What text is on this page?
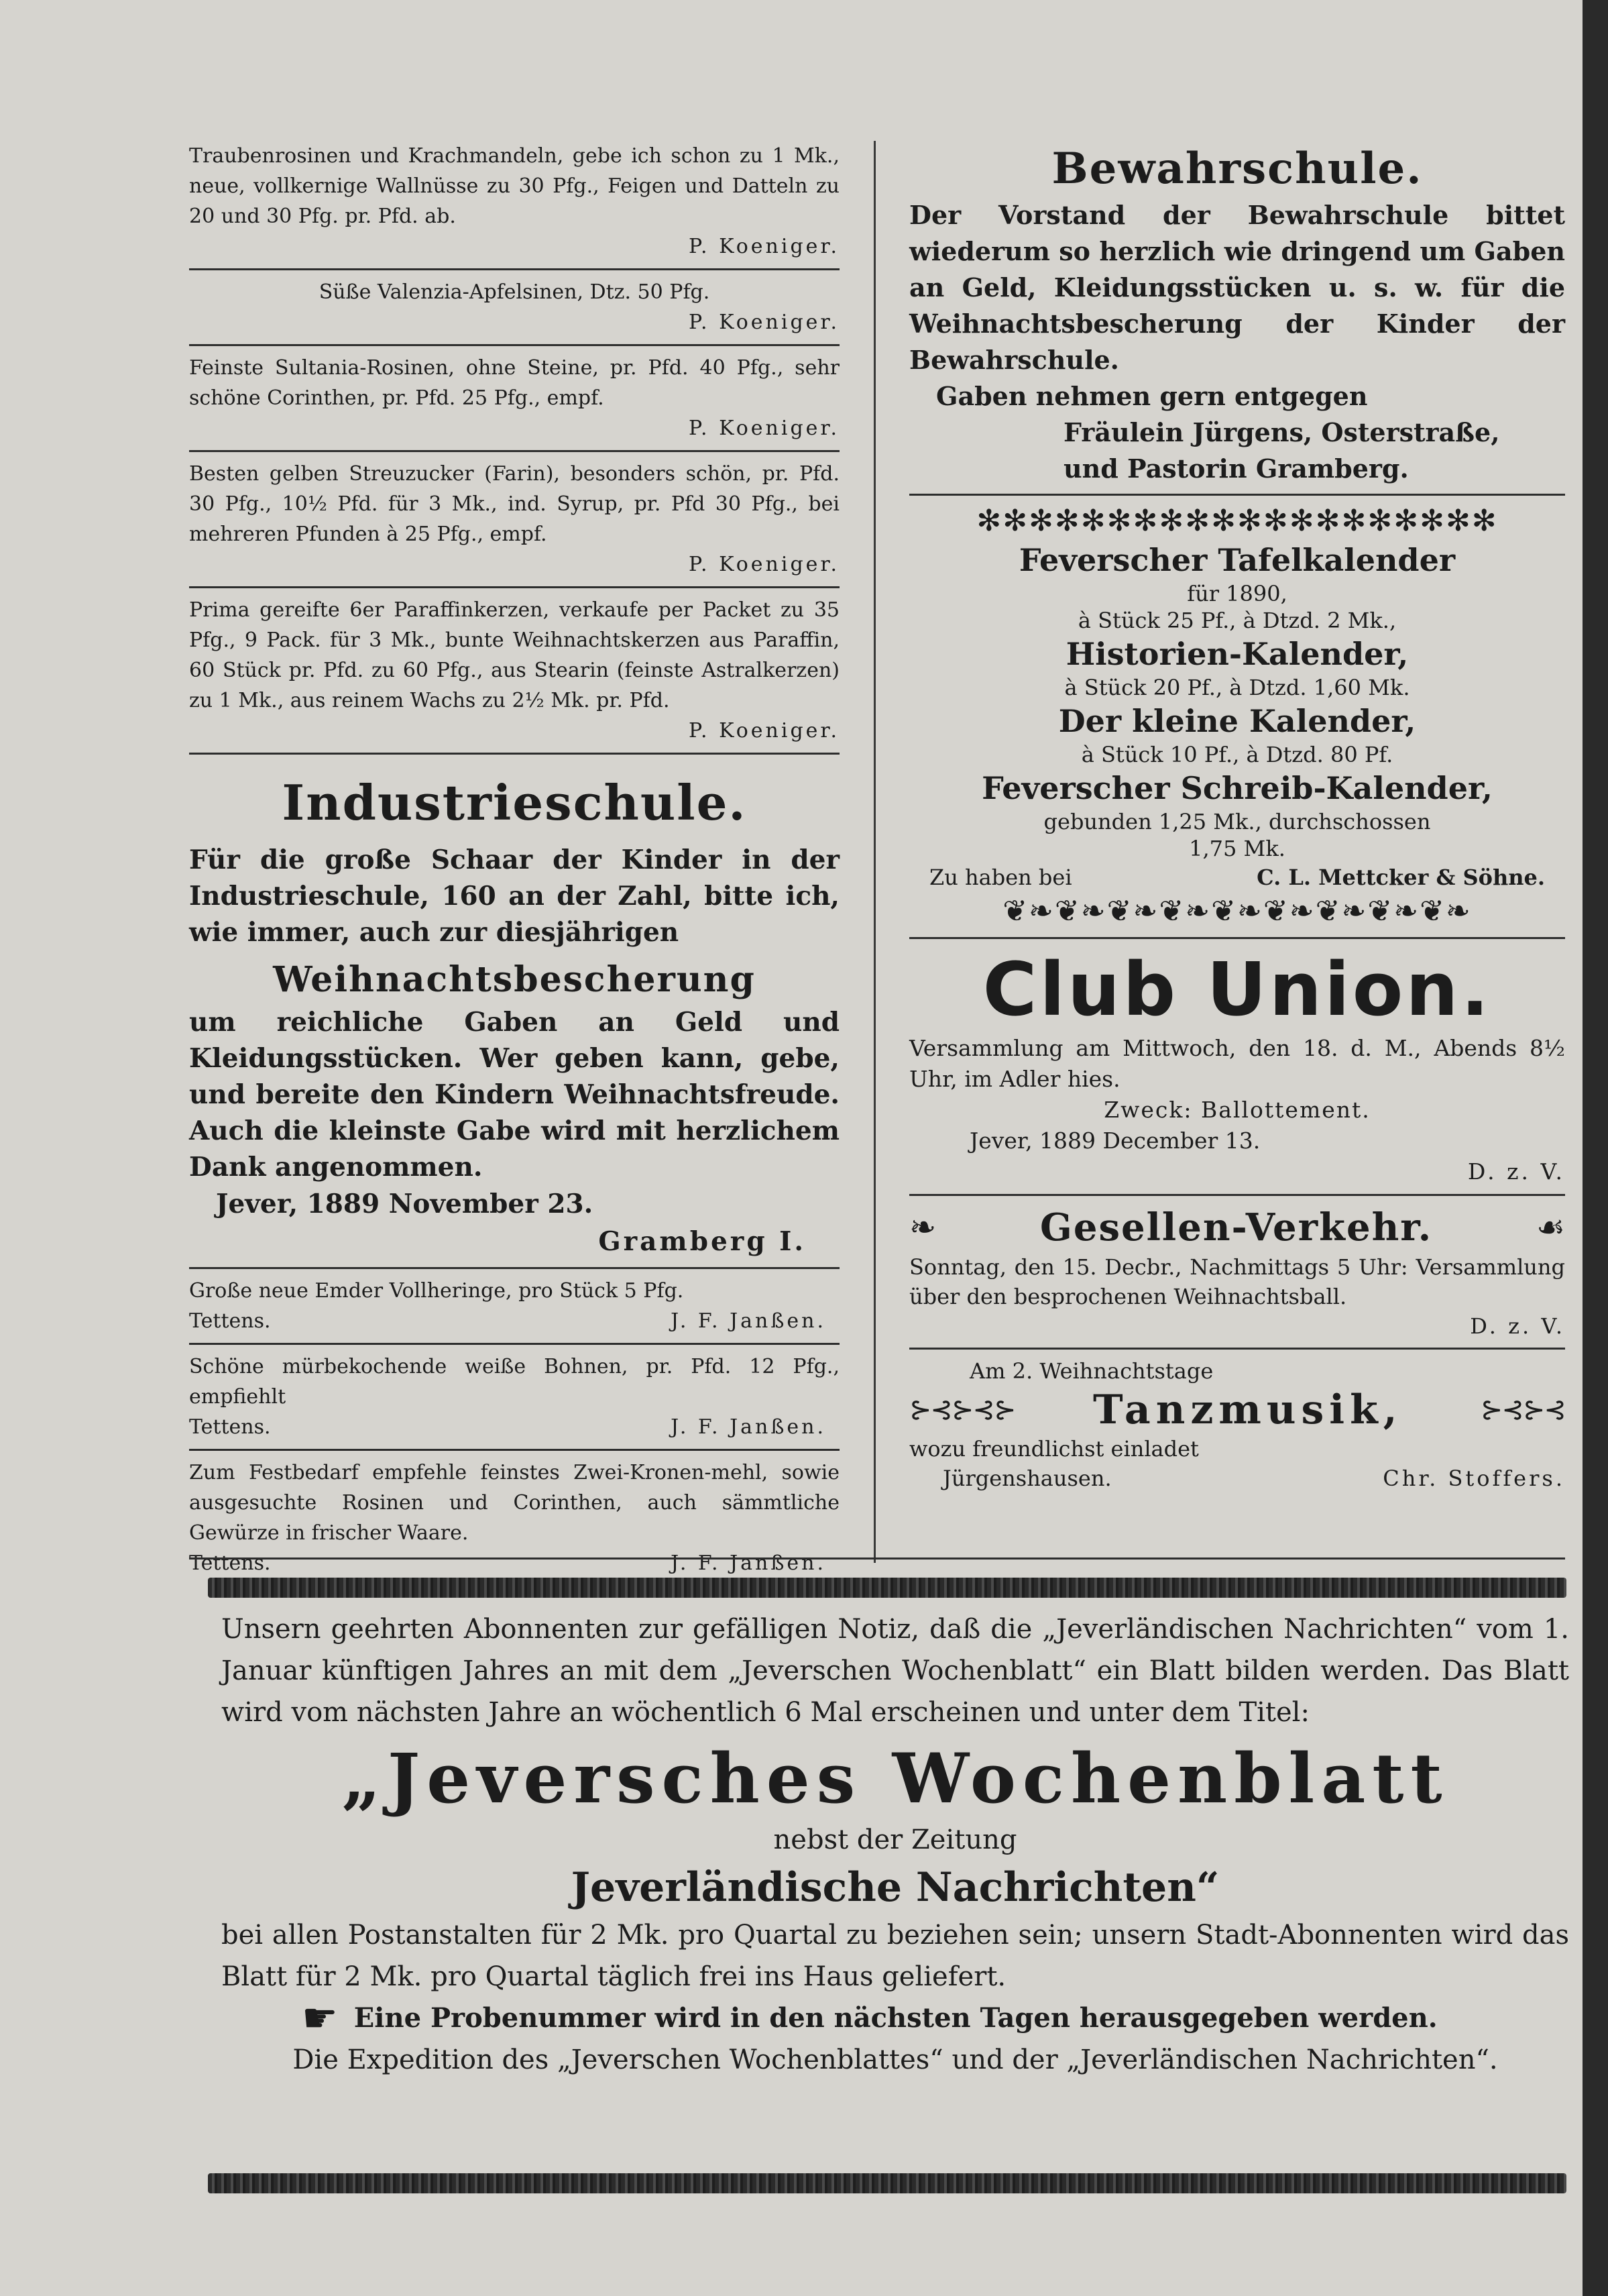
Traubenrosinen und Krachmandeln, gebe ich schon zu 1 Mk., neue, vollkernige Wallnüsse zu 30 Pfg., Feigen und Datteln zu 20 und 30 Pfg. pr. Pfd. ab.

P. Koeniger.

Süße Valenzia-Apfelsinen, Dtz. 50 Pfg.

P. Koeniger.

Feinste Sultania-Rosinen, ohne Steine, pr. Pfd. 40 Pfg., sehr schöne Corinthen, pr. Pfd. 25 Pfg., empf.

P. Koeniger.

Besten gelben Streuzucker (Farin), besonders schön, pr. Pfd. 30 Pfg., 10½ Pfd. für 3 Mk., ind. Syrup, pr. Pfd 30 Pfg., bei mehreren Pfunden à 25 Pfg., empf.

P. Koeniger.

Prima gereifte 6er Paraffinkerzen, verkaufe per Packet zu 35 Pfg., 9 Pack. für 3 Mk., bunte Weihnachtskerzen aus Paraffin, 60 Stück pr. Pfd. zu 60 Pfg., aus Stearin (feinste Astralkerzen) zu 1 Mk., aus reinem Wachs zu 2½ Mk. pr. Pfd.

P. Koeniger.

Industrieschule.

Für die große Schaar der Kinder in der Industrieschule, 160 an der Zahl, bitte ich, wie immer, auch zur diesjährigen

Weihnachtsbescherung

um reichliche Gaben an Geld und Kleidungsstücken. Wer geben kann, gebe, und bereite den Kindern Weihnachtsfreude. Auch die kleinste Gabe wird mit herzlichem Dank angenommen.

Jever, 1889 November 23.

Gramberg I.

Große neue Emder Vollheringe, pro Stück 5 Pfg.

Tettens.	J. F. Janßen.

Schöne mürbekochende weiße Bohnen, pr. Pfd. 12 Pfg., empfiehlt

Tettens.	J. F. Janßen.

Zum Festbedarf empfehle feinstes Zwei-Kronen-mehl, sowie ausgesuchte Rosinen und Corinthen, auch sämmtliche Gewürze in frischer Waare.

Tettens.	J. F. Janßen.

Bewahrschule.

Der Vorstand der Bewahrschule bittet wiederum so herzlich wie dringend um Gaben an Geld, Kleidungsstücken u. s. w. für die Weihnachtsbescherung der Kinder der Bewahrschule.

Gaben nehmen gern entgegen

Fräulein Jürgens, Osterstraße,

und Pastorin Gramberg.

✻✻✻✻✻✻✻✻✻✻✻✻✻✻✻✻✻✻✻✻

Feverscher Tafelkalender

für 1890,

à Stück 25 Pf., à Dtzd. 2 Mk.,

Historien-Kalender,

à Stück 20 Pf., à Dtzd. 1,60 Mk.

Der kleine Kalender,

à Stück 10 Pf., à Dtzd. 80 Pf.

Feverscher Schreib-Kalender,

gebunden 1,25 Mk., durchschossen

1,75 Mk.

Zu haben bei	C. L. Mettcker & Söhne.
❦❧❦❧❦❧❦❧❦❧❦❧❦❧❦❧❦❧

Club Union.

Versammlung am Mittwoch, den 18. d. M., Abends 8½ Uhr, im Adler hies.

Zweck: Ballottement.

Jever, 1889 December 13.

D. z. V.

❧	Gesellen-Verkehr.	☙

Sonntag, den 15. Decbr., Nachmittags 5 Uhr: Versammlung über den besprochenen Weihnachtsball.

D. z. V.

Am 2. Weihnachtstage

⊱⊰⊱⊰⊱ Tanzmusik,	⊱⊰⊱⊰

wozu freundlichst einladet

Jürgenshausen.	Chr. Stoffers.

Unsern geehrten Abonnenten zur gefälligen Notiz, daß die „Jeverländischen Nachrichten“ vom 1. Januar künftigen Jahres an mit dem „Jeverschen Wochenblatt“ ein Blatt bilden werden. Das Blatt wird vom nächsten Jahre an wöchentlich 6 Mal erscheinen und unter dem Titel:

„Jeversches Wochenblatt

nebst der Zeitung

Jeverländische Nachrichten“

bei allen Postanstalten für 2 Mk. pro Quartal zu beziehen sein; unsern Stadt-Abonnenten wird das Blatt für 2 Mk. pro Quartal täglich frei ins Haus geliefert.

☛ Eine Probenummer wird in den nächsten Tagen herausgegeben werden.

Die Expedition des „Jeverschen Wochenblattes“ und der „Jeverländischen Nachrichten“.
